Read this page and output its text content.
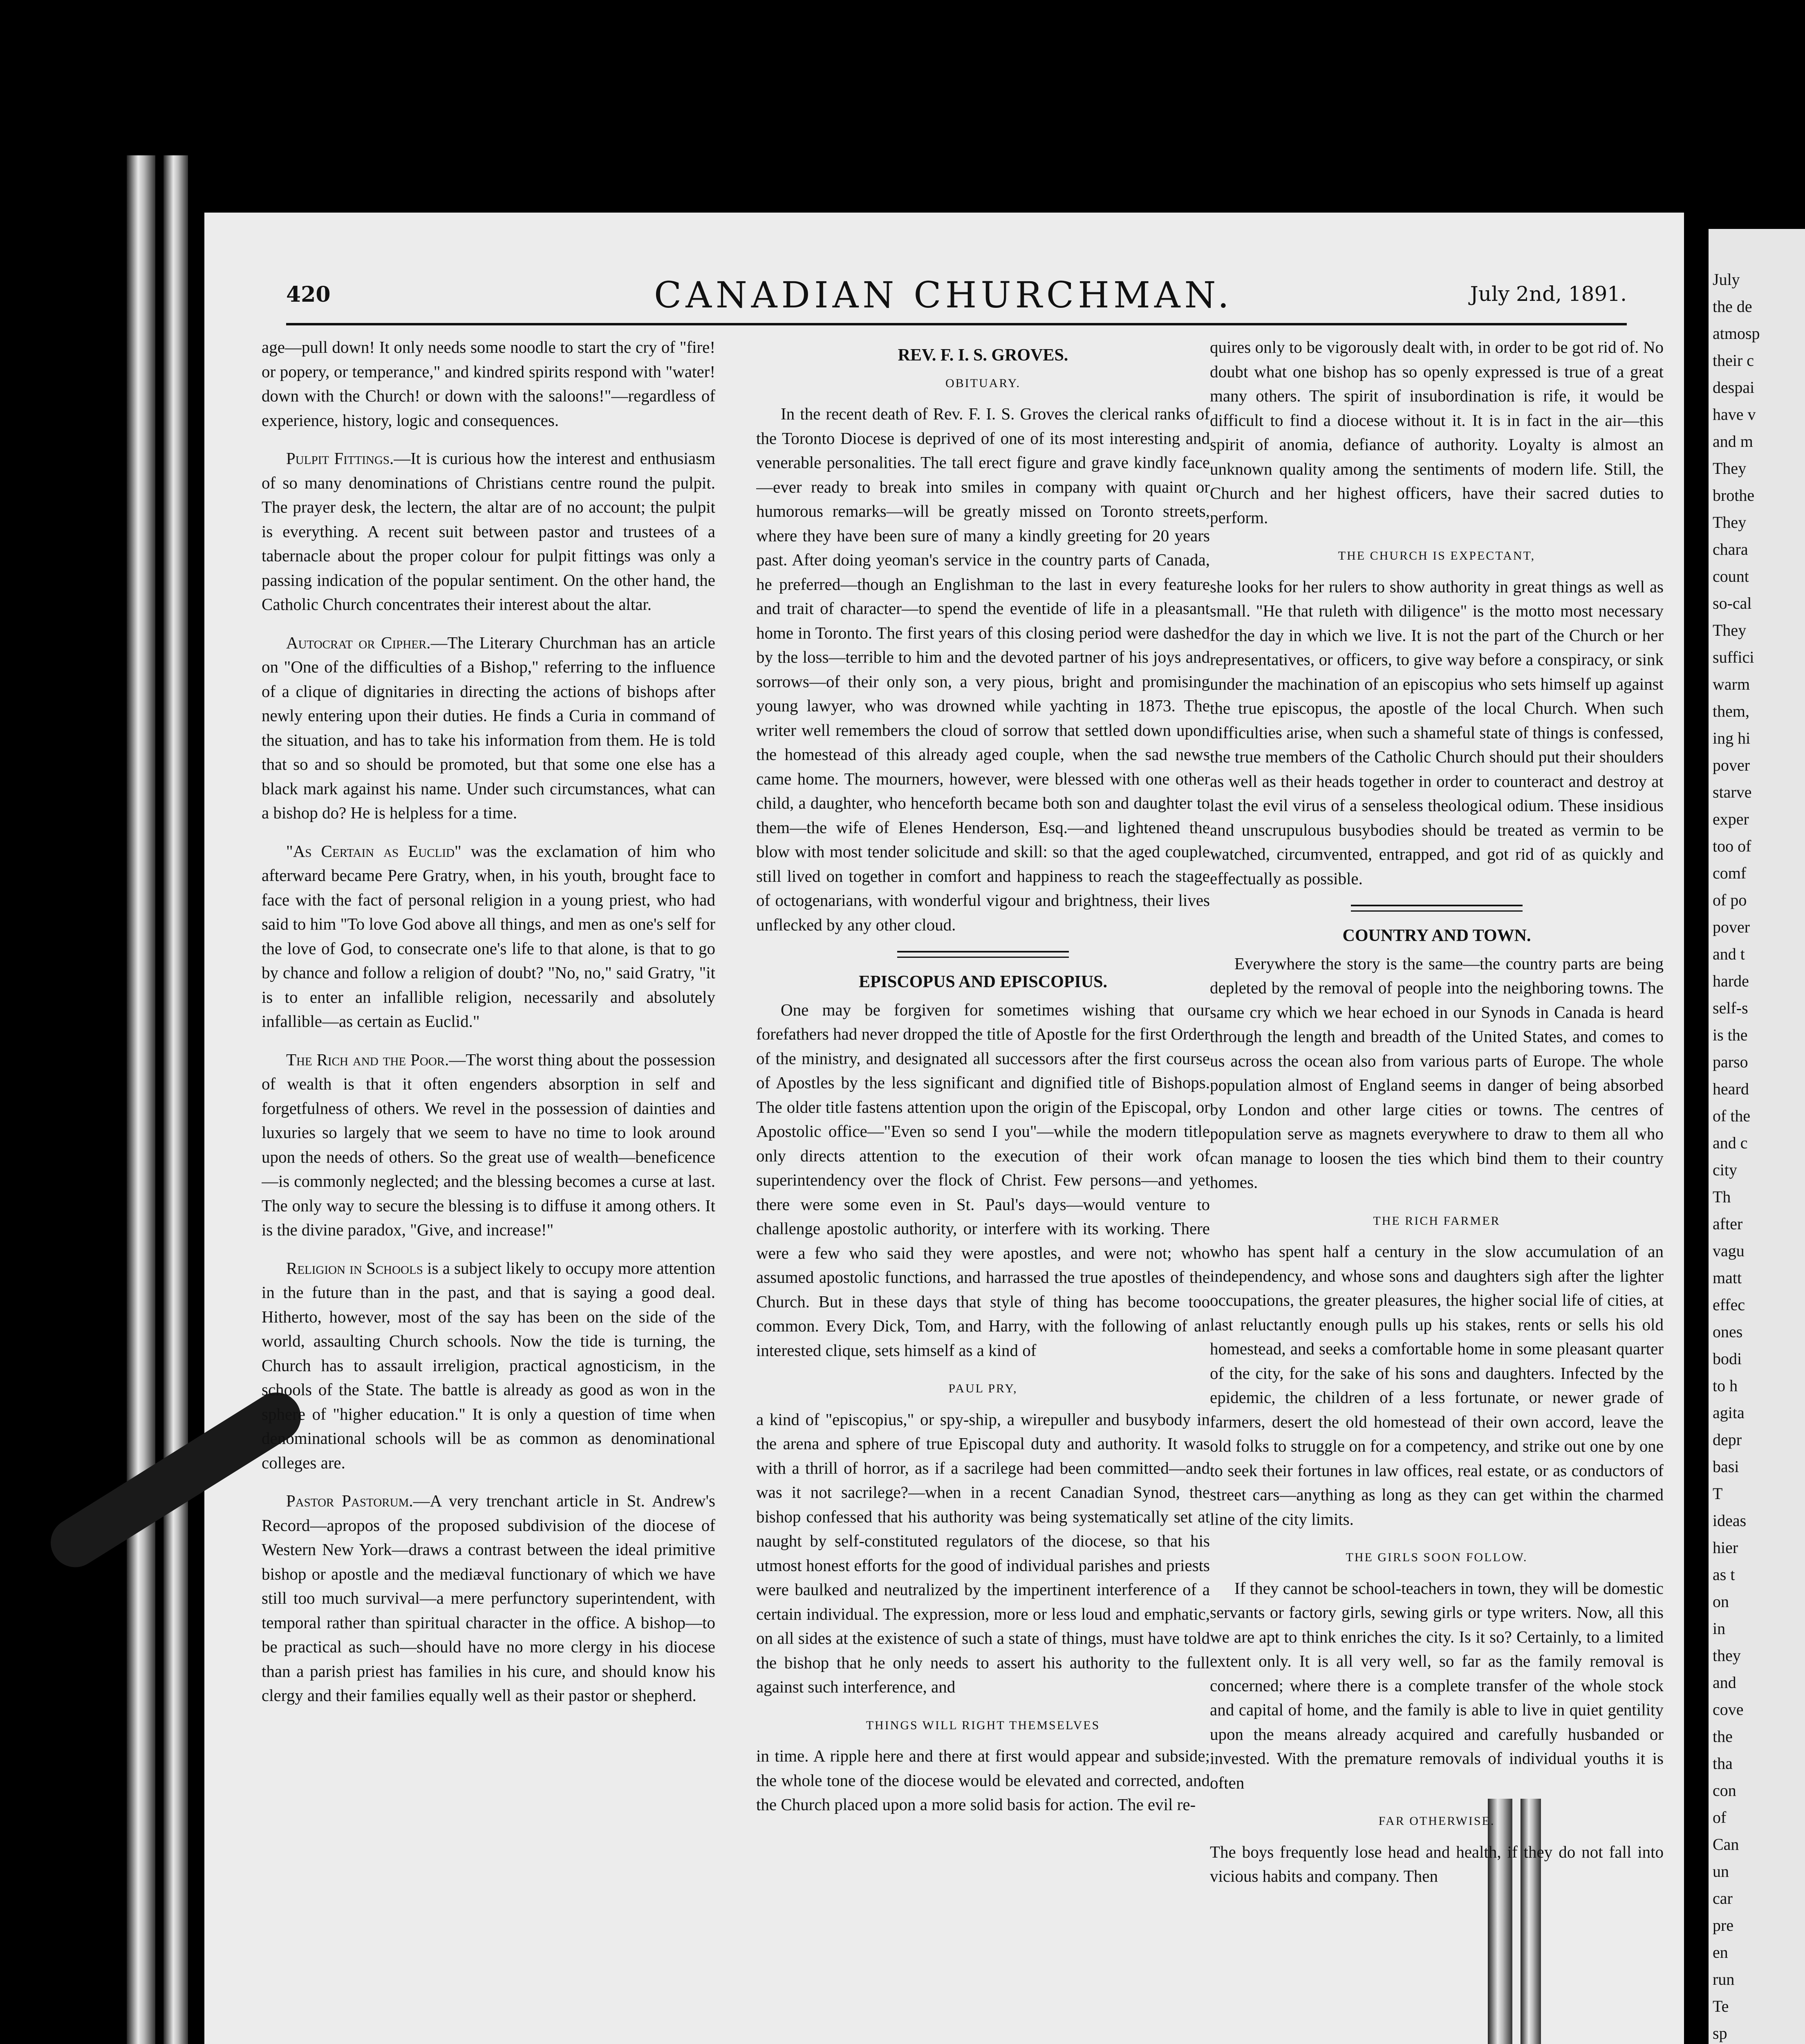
July
the de
atmosp
their c
despai
have v
and m
They
brothe
They
chara
count
so-cal
They
suffici
warm
them,
ing hi
pover
starve
exper
too of
comf
of po
pover
and t
harde
self-s
is the
parso
heard
of the
and c
city
Th
after
vagu
matt
effec
ones
bodi
to h
agita
depr
basi
T
ideas
hier
as t
on
in
they
and
cove
the
tha
con
of
Can
un
car
pre
en
run
Te
sp
420	CANADIAN CHURCHMAN.	July 2nd, 1891.

age—pull down! It only needs some noodle to start the cry of "fire! or popery, or temperance," and kindred spirits respond with "water! down with the Church! or down with the saloons!"—regardless of experience, history, logic and consequences.

Pulpit Fittings.—It is curious how the interest and enthusiasm of so many denominations of Christians centre round the pulpit. The prayer desk, the lectern, the altar are of no account; the pulpit is everything. A recent suit between pastor and trustees of a tabernacle about the proper colour for pulpit fittings was only a passing indication of the popular sentiment. On the other hand, the Catholic Church concentrates their interest about the altar.

Autocrat or Cipher.—The Literary Churchman has an article on "One of the difficulties of a Bishop," referring to the influence of a clique of dignitaries in directing the actions of bishops after newly entering upon their duties. He finds a Curia in command of the situation, and has to take his information from them. He is told that so and so should be promoted, but that some one else has a black mark against his name. Under such circumstances, what can a bishop do? He is helpless for a time.

"As Certain as Euclid" was the exclamation of him who afterward became Pere Gratry, when, in his youth, brought face to face with the fact of personal religion in a young priest, who had said to him "To love God above all things, and men as one's self for the love of God, to consecrate one's life to that alone, is that to go by chance and follow a religion of doubt? "No, no," said Gratry, "it is to enter an infallible religion, necessarily and absolutely infallible—as certain as Euclid."

The Rich and the Poor.—The worst thing about the possession of wealth is that it often engenders absorption in self and forgetfulness of others. We revel in the possession of dainties and luxuries so largely that we seem to have no time to look around upon the needs of others. So the great use of wealth—beneficence—is commonly neglected; and the blessing becomes a curse at last. The only way to secure the blessing is to diffuse it among others. It is the divine paradox, "Give, and increase!"

Religion in Schools is a subject likely to occupy more attention in the future than in the past, and that is saying a good deal. Hitherto, however, most of the say has been on the side of the world, assaulting Church schools. Now the tide is turning, the Church has to assault irreligion, practical agnosticism, in the schools of the State. The battle is already as good as won in the sphere of "higher education." It is only a question of time when denominational schools will be as common as denominational colleges are.

Pastor Pastorum.—A very trenchant article in St. Andrew's Record—apropos of the proposed subdivision of the diocese of Western New York—draws a contrast between the ideal primitive bishop or apostle and the mediæval functionary of which we have still too much survival—a mere perfunctory superintendent, with temporal rather than spiritual character in the office. A bishop—to be practical as such—should have no more clergy in his diocese than a parish priest has families in his cure, and should know his clergy and their families equally well as their pastor or shepherd.

REV. F. I. S. GROVES.
OBITUARY.

In the recent death of Rev. F. I. S. Groves the clerical ranks of the Toronto Diocese is deprived of one of its most interesting and venerable personalities. The tall erect figure and grave kindly face—ever ready to break into smiles in company with quaint or humorous remarks—will be greatly missed on Toronto streets, where they have been sure of many a kindly greeting for 20 years past. After doing yeoman's service in the country parts of Canada, he preferred—though an Englishman to the last in every feature and trait of character—to spend the eventide of life in a pleasant home in Toronto. The first years of this closing period were dashed by the loss—terrible to him and the devoted partner of his joys and sorrows—of their only son, a very pious, bright and promising young lawyer, who was drowned while yachting in 1873. The writer well remembers the cloud of sorrow that settled down upon the homestead of this already aged couple, when the sad news came home. The mourners, however, were blessed with one other child, a daughter, who henceforth became both son and daughter to them—the wife of Elenes Henderson, Esq.—and lightened the blow with most tender solicitude and skill: so that the aged couple still lived on together in comfort and happiness to reach the stage of octogenarians, with wonderful vigour and brightness, their lives unflecked by any other cloud.

EPISCOPUS AND EPISCOPIUS.

One may be forgiven for sometimes wishing that our forefathers had never dropped the title of Apostle for the first Order of the ministry, and designated all successors after the first course of Apostles by the less significant and dignified title of Bishops. The older title fastens attention upon the origin of the Episcopal, or Apostolic office—"Even so send I you"—while the modern title only directs attention to the execution of their work of superintendency over the flock of Christ. Few persons—and yet there were some even in St. Paul's days—would venture to challenge apostolic authority, or interfere with its working. There were a few who said they were apostles, and were not; who assumed apostolic functions, and harrassed the true apostles of the Church. But in these days that style of thing has become too common. Every Dick, Tom, and Harry, with the following of an interested clique, sets himself as a kind of

PAUL PRY,

a kind of "episcopius," or spy-ship, a wirepuller and busybody in the arena and sphere of true Episcopal duty and authority. It was with a thrill of horror, as if a sacrilege had been committed—and was it not sacrilege?—when in a recent Canadian Synod, the bishop confessed that his authority was being systematically set at naught by self-constituted regulators of the diocese, so that his utmost honest efforts for the good of individual parishes and priests were baulked and neutralized by the impertinent interference of a certain individual. The expression, more or less loud and emphatic, on all sides at the existence of such a state of things, must have told the bishop that he only needs to assert his authority to the full against such interference, and

THINGS WILL RIGHT THEMSELVES

in time. A ripple here and there at first would appear and subside; the whole tone of the diocese would be elevated and corrected, and the Church placed upon a more solid basis for action. The evil re-

quires only to be vigorously dealt with, in order to be got rid of. No doubt what one bishop has so openly expressed is true of a great many others. The spirit of insubordination is rife, it would be difficult to find a diocese without it. It is in fact in the air—this spirit of anomia, defiance of authority. Loyalty is almost an unknown quality among the sentiments of modern life. Still, the Church and her highest officers, have their sacred duties to perform.

THE CHURCH IS EXPECTANT,

she looks for her rulers to show authority in great things as well as small. "He that ruleth with diligence" is the motto most necessary for the day in which we live. It is not the part of the Church or her representatives, or officers, to give way before a conspiracy, or sink under the machination of an episcopius who sets himself up against the true episcopus, the apostle of the local Church. When such difficulties arise, when such a shameful state of things is confessed, the true members of the Catholic Church should put their shoulders as well as their heads together in order to counteract and destroy at last the evil virus of a senseless theological odium. These insidious and unscrupulous busybodies should be treated as vermin to be watched, circumvented, entrapped, and got rid of as quickly and effectually as possible.

COUNTRY AND TOWN.

Everywhere the story is the same—the country parts are being depleted by the removal of people into the neighboring towns. The same cry which we hear echoed in our Synods in Canada is heard through the length and breadth of the United States, and comes to us across the ocean also from various parts of Europe. The whole population almost of England seems in danger of being absorbed by London and other large cities or towns. The centres of population serve as magnets everywhere to draw to them all who can manage to loosen the ties which bind them to their country homes.

THE RICH FARMER

who has spent half a century in the slow accumulation of an independency, and whose sons and daughters sigh after the lighter occupations, the greater pleasures, the higher social life of cities, at last reluctantly enough pulls up his stakes, rents or sells his old homestead, and seeks a comfortable home in some pleasant quarter of the city, for the sake of his sons and daughters. Infected by the epidemic, the children of a less fortunate, or newer grade of farmers, desert the old homestead of their own accord, leave the old folks to struggle on for a competency, and strike out one by one to seek their fortunes in law offices, real estate, or as conductors of street cars—anything as long as they can get within the charmed line of the city limits.

THE GIRLS SOON FOLLOW.

If they cannot be school-teachers in town, they will be domestic servants or factory girls, sewing girls or type writers. Now, all this we are apt to think enriches the city. Is it so? Certainly, to a limited extent only. It is all very well, so far as the family removal is concerned; where there is a complete transfer of the whole stock and capital of home, and the family is able to live in quiet gentility upon the means already acquired and carefully husbanded or invested. With the premature removals of individual youths it is often

FAR OTHERWISE.

The boys frequently lose head and health, if they do not fall into vicious habits and company. Then
